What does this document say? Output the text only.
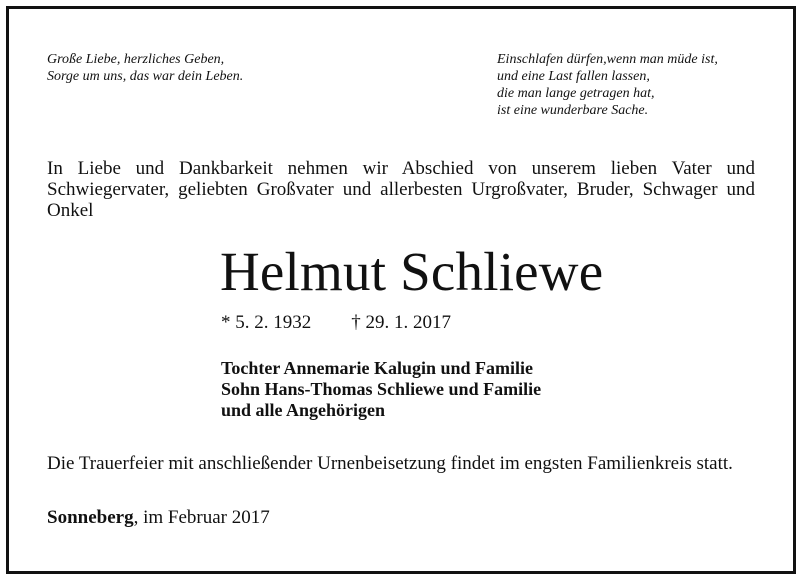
Große Liebe, herzliches Geben,
Sorge um uns, das war dein Leben.
Einschlafen dürfen,wenn man müde ist,
und eine Last fallen lassen,
die man lange getragen hat,
ist eine wunderbare Sache.
In Liebe und Dankbarkeit nehmen wir Abschied von unserem lieben Vater und Schwiegervater, geliebten Großvater und allerbesten Urgroßvater, Bruder, Schwager und Onkel
Helmut Schliewe
* 5. 2. 1932 † 29. 1. 2017
Tochter Annemarie Kalugin und Familie
Sohn Hans-Thomas Schliewe und Familie
und alle Angehörigen
Die Trauerfeier mit anschließender Urnenbeisetzung findet im engsten Familienkreis statt.
Sonneberg, im Februar 2017
